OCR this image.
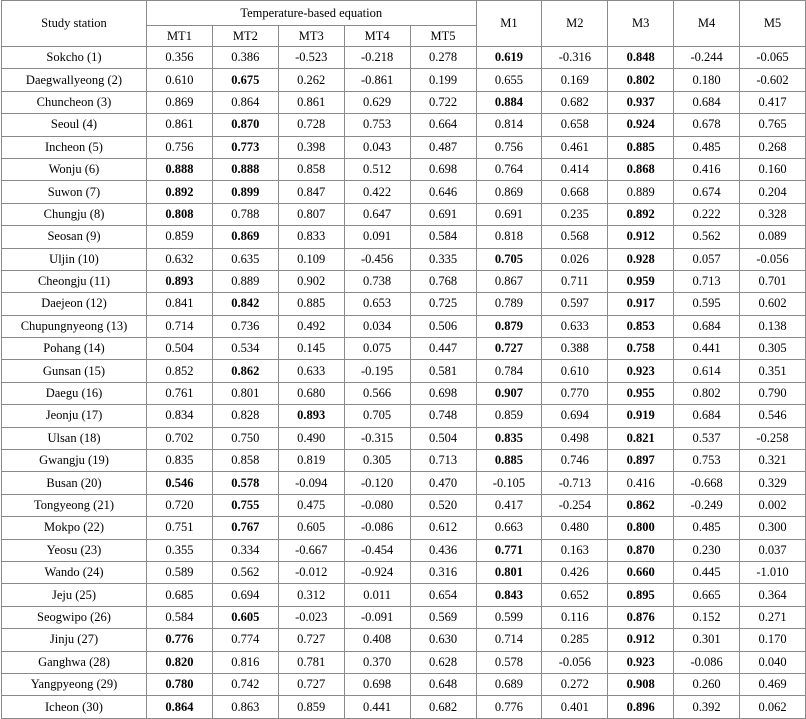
Study station	Temperature-based equation					M1	M2	M3	M4	M5
	MT1	MT2	MT3	MT4	MT5					
Sokcho (1)	0.356	0.386	-0.523	-0.218	0.278	0.619	-0.316	0.848	-0.244	-0.065
Daegwallyeong (2)	0.610	0.675	0.262	-0.861	0.199	0.655	0.169	0.802	0.180	-0.602
Chuncheon (3)	0.869	0.864	0.861	0.629	0.722	0.884	0.682	0.937	0.684	0.417
Seoul (4)	0.861	0.870	0.728	0.753	0.664	0.814	0.658	0.924	0.678	0.765
Incheon (5)	0.756	0.773	0.398	0.043	0.487	0.756	0.461	0.885	0.485	0.268
Wonju (6)	0.888	0.888	0.858	0.512	0.698	0.764	0.414	0.868	0.416	0.160
Suwon (7)	0.892	0.899	0.847	0.422	0.646	0.869	0.668	0.889	0.674	0.204
Chungju (8)	0.808	0.788	0.807	0.647	0.691	0.691	0.235	0.892	0.222	0.328
Seosan (9)	0.859	0.869	0.833	0.091	0.584	0.818	0.568	0.912	0.562	0.089
Uljin (10)	0.632	0.635	0.109	-0.456	0.335	0.705	0.026	0.928	0.057	-0.056
Cheongju (11)	0.893	0.889	0.902	0.738	0.768	0.867	0.711	0.959	0.713	0.701
Daejeon (12)	0.841	0.842	0.885	0.653	0.725	0.789	0.597	0.917	0.595	0.602
Chupungnyeong (13)	0.714	0.736	0.492	0.034	0.506	0.879	0.633	0.853	0.684	0.138
Pohang (14)	0.504	0.534	0.145	0.075	0.447	0.727	0.388	0.758	0.441	0.305
Gunsan (15)	0.852	0.862	0.633	-0.195	0.581	0.784	0.610	0.923	0.614	0.351
Daegu (16)	0.761	0.801	0.680	0.566	0.698	0.907	0.770	0.955	0.802	0.790
Jeonju (17)	0.834	0.828	0.893	0.705	0.748	0.859	0.694	0.919	0.684	0.546
Ulsan (18)	0.702	0.750	0.490	-0.315	0.504	0.835	0.498	0.821	0.537	-0.258
Gwangju (19)	0.835	0.858	0.819	0.305	0.713	0.885	0.746	0.897	0.753	0.321
Busan (20)	0.546	0.578	-0.094	-0.120	0.470	-0.105	-0.713	0.416	-0.668	0.329
Tongyeong (21)	0.720	0.755	0.475	-0.080	0.520	0.417	-0.254	0.862	-0.249	0.002
Mokpo (22)	0.751	0.767	0.605	-0.086	0.612	0.663	0.480	0.800	0.485	0.300
Yeosu (23)	0.355	0.334	-0.667	-0.454	0.436	0.771	0.163	0.870	0.230	0.037
Wando (24)	0.589	0.562	-0.012	-0.924	0.316	0.801	0.426	0.660	0.445	-1.010
Jeju (25)	0.685	0.694	0.312	0.011	0.654	0.843	0.652	0.895	0.665	0.364
Seogwipo (26)	0.584	0.605	-0.023	-0.091	0.569	0.599	0.116	0.876	0.152	0.271
Jinju (27)	0.776	0.774	0.727	0.408	0.630	0.714	0.285	0.912	0.301	0.170
Ganghwa (28)	0.820	0.816	0.781	0.370	0.628	0.578	-0.056	0.923	-0.086	0.040
Yangpyeong (29)	0.780	0.742	0.727	0.698	0.648	0.689	0.272	0.908	0.260	0.469
Icheon (30)	0.864	0.863	0.859	0.441	0.682	0.776	0.401	0.896	0.392	0.062
